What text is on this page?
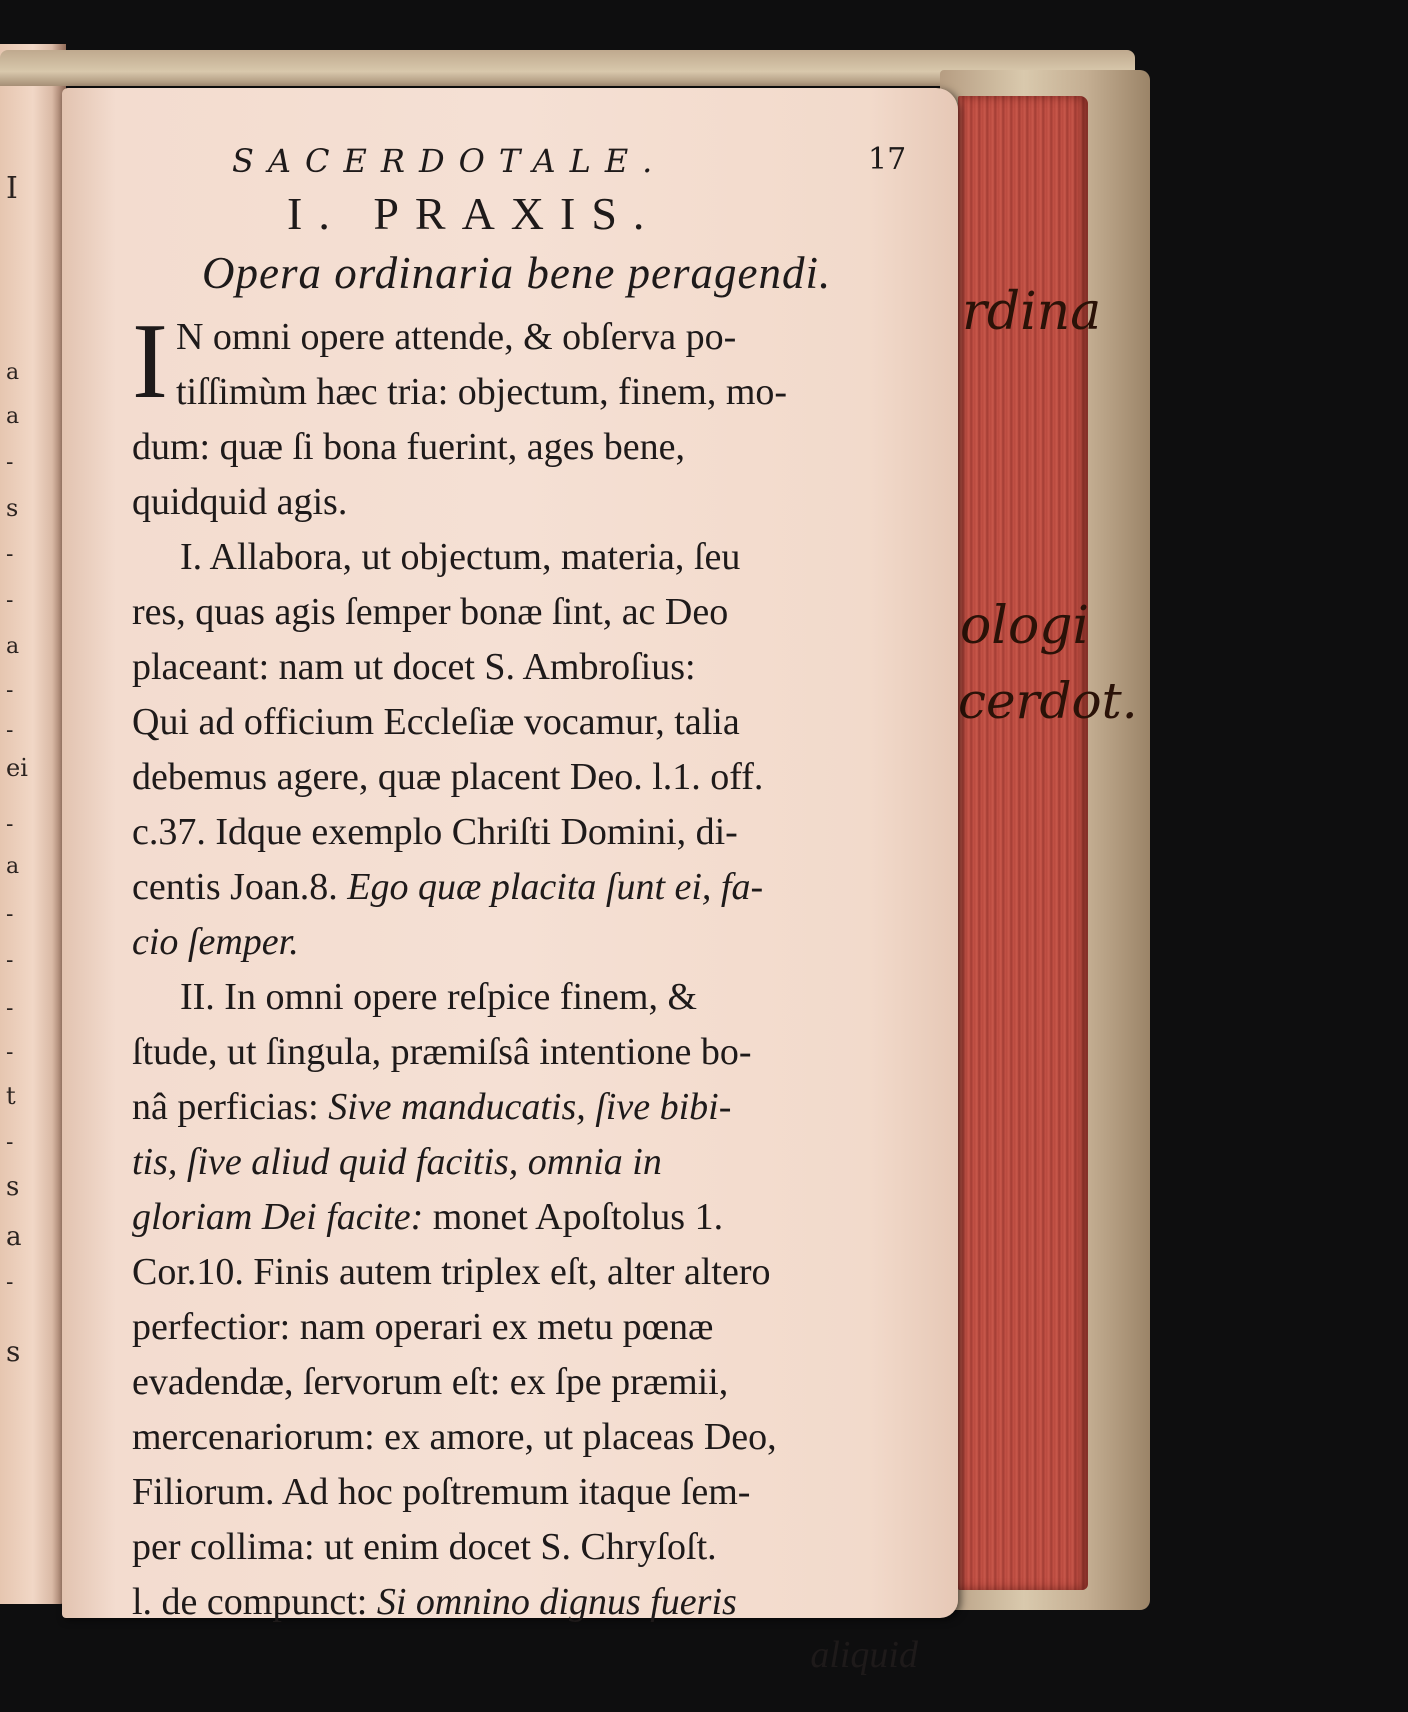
I
a
a
-
s
-
-
a
-
-
ei
-
a
-
-
-
-
t
-
s
a
-
s
rdina
ologi
cerdot.
SACERDOTALE.	17
I. PRAXIS.
Opera ordinaria bene peragendi.
I N omni opere attende, & obſerva po-
tiſſimùm hæc tria: objectum, finem, mo-
dum: quæ ſi bona fuerint, ages bene,
quidquid agis.
I. Allabora, ut objectum, materia, ſeu
res, quas agis ſemper bonæ ſint, ac Deo
placeant: nam ut docet S. Ambroſius:
Qui ad officium Eccleſiæ vocamur, talia
debemus agere, quæ placent Deo. l.1. off.
c.37. Idque exemplo Chriſti Domini, di-
centis Joan.8. Ego quæ placita ſunt ei, fa-
cio ſemper.
II. In omni opere reſpice finem, &
ſtude, ut ſingula, præmiſsâ intentione bo-
nâ perficias: Sive manducatis, ſive bibi-
tis, ſive aliud quid facitis, omnia in
gloriam Dei facite: monet Apoſtolus 1.
Cor.10. Finis autem triplex eſt, alter altero
perfectior: nam operari ex metu pœnæ
evadendæ, ſervorum eſt: ex ſpe præmii,
mercenariorum: ex amore, ut placeas Deo,
Filiorum. Ad hoc poſtremum itaque ſem-
per collima: ut enim docet S. Chryſoſt.
l. de compunct: Si omnino dignus fueris
aliquid
